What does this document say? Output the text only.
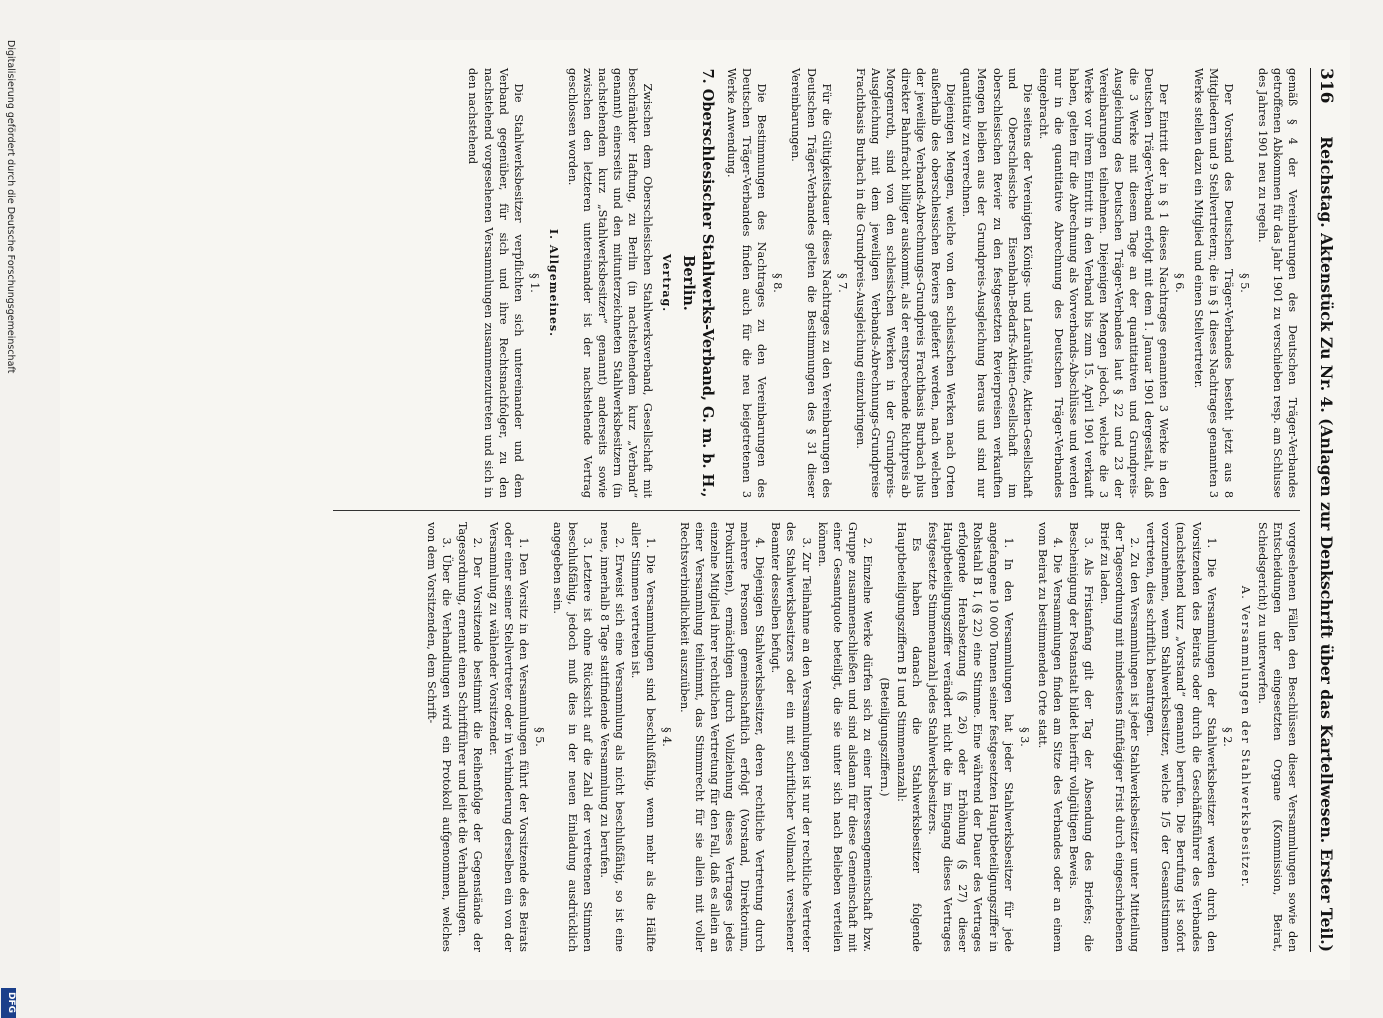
316
Reichstag. Aktenstück Zu Nr. 4. (Anlagen zur Denkschrift über das Kartellwesen. Erster Teil.)

gemäß § 4 der Vereinbarungen des Deutschen Träger-Verbandes getroffenen Abkommen für das Jahr 1901 zu verschieben resp. am Schlusse des Jahres 1901 neu zu regeln.

§ 5.

Der Vorstand des Deutschen Träger-Verbandes besteht jetzt aus 8 Mitgliedern und 9 Stellvertretern; die in § 1 dieses Nachtrages genannten 3 Werke stellen dazu ein Mitglied und einen Stellvertreter.

§ 6.

Der Eintritt der in § 1 dieses Nachtrages genannten 3 Werke in den Deutschen Träger-Verband erfolgt mit dem 1. Januar 1901 dergestalt, daß die 3 Werke mit diesem Tage an der quantitativen und Grundpreis-Ausgleichung des Deutschen Träger-Verbandes laut § 22 und 23 der Vereinbarungen teilnehmen. Diejenigen Mengen jedoch, welche die 3 Werke vor ihrem Eintritt in den Verband bis zum 15. April 1901 verkauft haben, gelten für die Abrechnung als Vorverbands-Abschlüsse und werden nur in die quantitative Abrechnung des Deutschen Träger-Verbandes eingebracht.

Die seitens der Vereinigten Königs- und Laurahütte, Aktien-Gesellschaft und Oberschlesische Eisenbahn-Bedarfs-Aktien-Gesellschaft im oberschlesischen Revier zu den festgesetzten Revierpreisen verkauften Mengen bleiben aus der Grundpreis-Ausgleichung heraus und sind nur quantitativ zu verrechnen.

Diejenigen Mengen, welche von den schlesischen Werken nach Orten außerhalb des oberschlesischen Reviers geliefert werden, nach welchen der jeweilige Verbands-Abrechnungs-Grundpreis Frachtbasis Burbach plus direkter Bahnfracht billiger auskommt, als der entsprechende Richtpreis ab Morgenroth, sind von den schlesischen Werken in der Grundpreis-Ausgleichung mit dem jeweiligen Verbands-Abrechnungs-Grundpreise Frachtbasis Burbach in die Grundpreis-Ausgleichung einzubringen.

§ 7.

Für die Gültigkeitsdauer dieses Nachtrages zu den Vereinbarungen des Deutschen Träger-Verbandes gelten die Bestimmungen des § 31 dieser Vereinbarungen.

§ 8.

Die Bestimmungen des Nachtrages zu den Vereinbarungen des Deutschen Träger-Verbandes finden auch für die neu beigetretenen 3 Werke Anwendung.

7. Oberschlesischer Stahlwerks-Verband, G. m. b. H., Berlin.

Vertrag.

Zwischen dem Oberschlesischen Stahlwerksverband, Gesellschaft mit beschränkter Haftung, zu Berlin (in nachstehendem kurz „Verband“ genannt) einerseits und den mitunterzeichneten Stahlwerksbesitzern (in nachstehendem kurz „Stahlwerksbesitzer“ genannt) anderseits sowie zwischen den letzteren untereinander ist der nachstehende Vertrag geschlossen worden.

I. Allgemeines.

§ 1.

Die Stahlwerksbesitzer verpflichten sich untereinander und dem Verband gegenüber, für sich und ihre Rechtsnachfolger, zu den nachstehend vorgesehenen Versammlungen zusammenzutreten und sich in den nachstehend

vorgesehenen Fällen den Beschlüssen dieser Versammlungen sowie den Entscheidungen der eingesetzten Organe (Kommission, Beirat, Schiedsgericht) zu unterwerfen.

A. Versammlungen der Stahlwerksbesitzer.

§ 2.

1. Die Versammlungen der Stahlwerksbesitzer werden durch den Vorsitzenden des Beirats oder durch die Geschäftsführer des Verbandes (nachstehend kurz „Vorstand“ genannt) berufen. Die Berufung ist sofort vorzunehmen, wenn Stahlwerksbesitzer, welche 1/5 der Gesamtstimmen vertreten, dies schriftlich beantragen.

2. Zu den Versammlungen ist jeder Stahlwerksbesitzer unter Mitteilung der Tagesordnung mit mindestens fünftägiger Frist durch eingeschriebenen Brief zu laden.

3. Als Fristanfang gilt der Tag der Absendung des Briefes; die Bescheinigung der Postanstalt bildet hierfür vollgültigen Beweis.

4. Die Versammlungen finden am Sitze des Verbandes oder an einem vom Beirat zu bestimmenden Orte statt.

§ 3.

1. In den Versammlungen hat jeder Stahlwerksbesitzer für jede angefangene 10 000 Tonnen seiner festgesetzten Hauptbeteiligungsziffer in Rohstahl B I, (§ 22) eine Stimme. Eine während der Dauer des Vertrages erfolgende Herabsetzung (§ 26) oder Erhöhung (§ 27) dieser Hauptbeteiligungsziffer verändert nicht die im Eingang dieses Vertrages festgesetzte Stimmenanzahl jedes Stahlwerksbesitzers.

Es haben danach die Stahlwerksbesitzer folgende Hauptbeteiligungsziffern B I und Stimmenanzahl:

(Beteiligungsziffern.)

2. Einzelne Werke dürfen sich zu einer Interessengemeinschaft bzw. Gruppe zusammenschließen und sind alsdann für diese Gemeinschaft mit einer Gesamtquote beteiligt, die sie unter sich nach Belieben verteilen können.

3. Zur Teilnahme an den Versammlungen ist nur der rechtliche Vertreter des Stahlwerksbesitzers oder ein mit schriftlicher Vollmacht versehener Beamter desselben befugt.

4. Diejenigen Stahlwerksbesitzer, deren rechtliche Vertretung durch mehrere Personen gemeinschaftlich erfolgt (Vorstand, Direktorium, Prokuristen), ermächtigen durch Vollziehung dieses Vertrages jedes einzelne Mitglied ihrer rechtlichen Vertretung für den Fall, daß es allein an einer Versammlung teilnimmt, das Stimmrecht für sie allein mit voller Rechtsverbindlichkeit auszuüben.

§ 4.

1. Die Versammlungen sind beschlußfähig, wenn mehr als die Hälfte aller Stimmen vertreten ist.

2. Erweist sich eine Versammlung als nicht beschlußfähig, so ist eine neue, innerhalb 8 Tage stattfindende Versammlung zu berufen.

3. Letztere ist ohne Rücksicht auf die Zahl der vertretenen Stimmen beschlußfähig, jedoch muß dies in der neuen Einladung ausdrücklich angegeben sein.

§ 5.

1. Den Vorsitz in den Versammlungen führt der Vorsitzende des Beirats oder einer seiner Stellvertreter oder in Verhinderung derselben ein von der Versammlung zu wählender Vorsitzender.

2. Der Vorsitzende bestimmt die Reihenfolge der Gegenstände der Tagesordnung, ernennt einen Schriftführer und leitet die Verhandlungen.

3. Über die Verhandlungen wird ein Protokoll aufgenommen, welches von dem Vorsitzenden, dem Schrift-

Digitalisierung gefördert durch die Deutsche Forschungsgemeinschaft
DFG
